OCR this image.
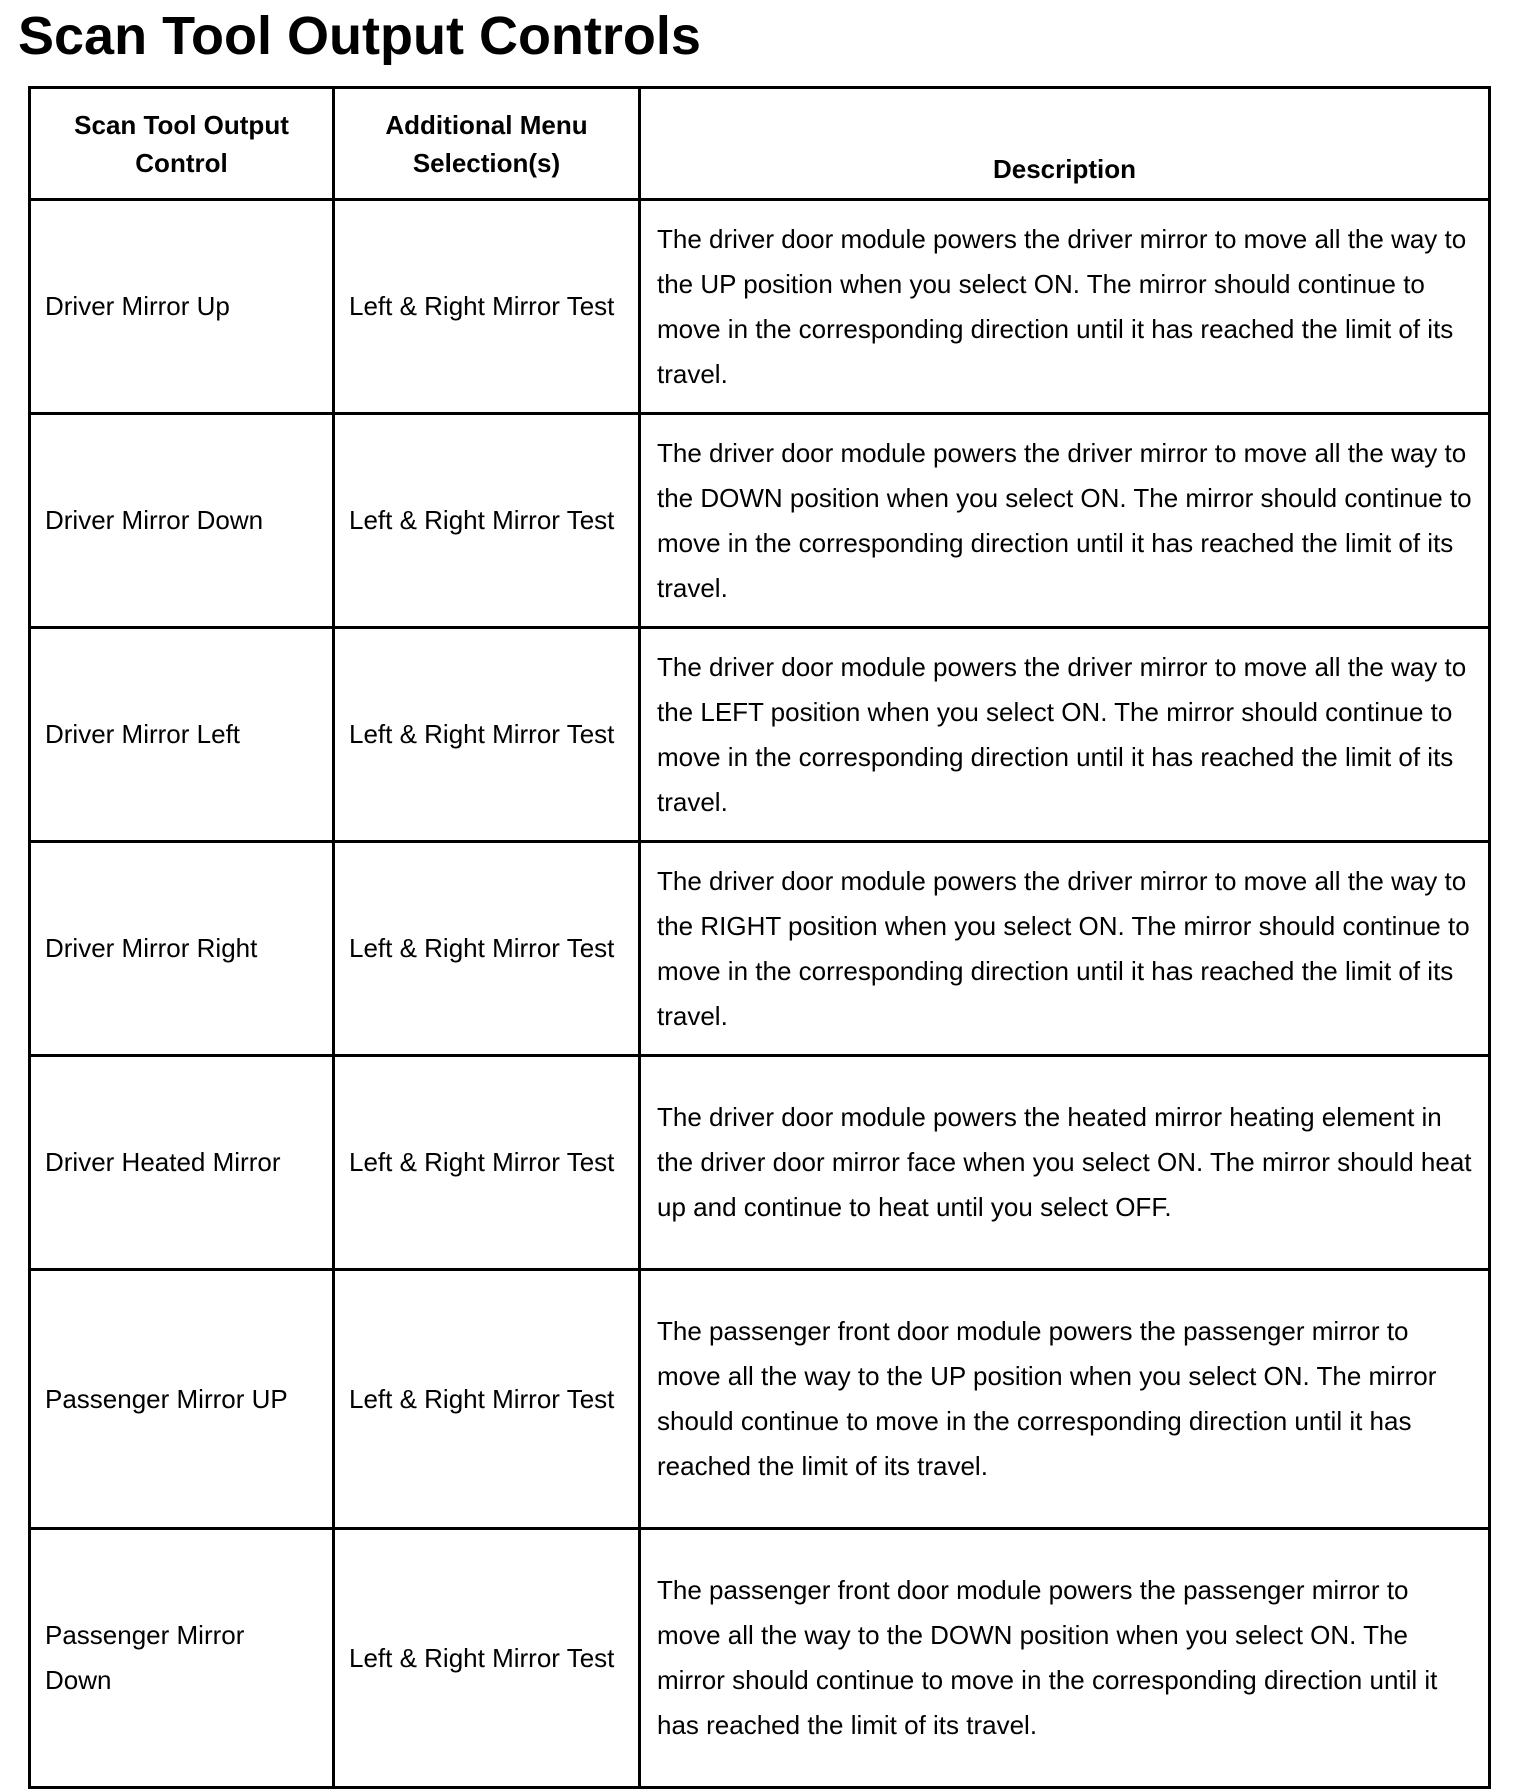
Scan Tool Output Controls
Scan Tool Output Control	Additional Menu Selection(s)	Description
Driver Mirror Up	Left & Right Mirror Test	The driver door module powers the driver mirror to move all the way to the UP position when you select ON. The mirror should continue to move in the corresponding direction until it has reached the limit of its travel.
Driver Mirror Down	Left & Right Mirror Test	The driver door module powers the driver mirror to move all the way to the DOWN position when you select ON. The mirror should continue to move in the corresponding direction until it has reached the limit of its travel.
Driver Mirror Left	Left & Right Mirror Test	The driver door module powers the driver mirror to move all the way to the LEFT position when you select ON. The mirror should continue to move in the corresponding direction until it has reached the limit of its travel.
Driver Mirror Right	Left & Right Mirror Test	The driver door module powers the driver mirror to move all the way to the RIGHT position when you select ON. The mirror should continue to move in the corresponding direction until it has reached the limit of its travel.
Driver Heated Mirror	Left & Right Mirror Test	The driver door module powers the heated mirror heating element in the driver door mirror face when you select ON. The mirror should heat up and continue to heat until you select OFF.
Passenger Mirror UP	Left & Right Mirror Test	The passenger front door module powers the passenger mirror to move all the way to the UP position when you select ON. The mirror should continue to move in the corresponding direction until it has reached the limit of its travel.
Passenger Mirror Down	Left & Right Mirror Test	The passenger front door module powers the passenger mirror to move all the way to the DOWN position when you select ON. The mirror should continue to move in the corresponding direction until it has reached the limit of its travel.
